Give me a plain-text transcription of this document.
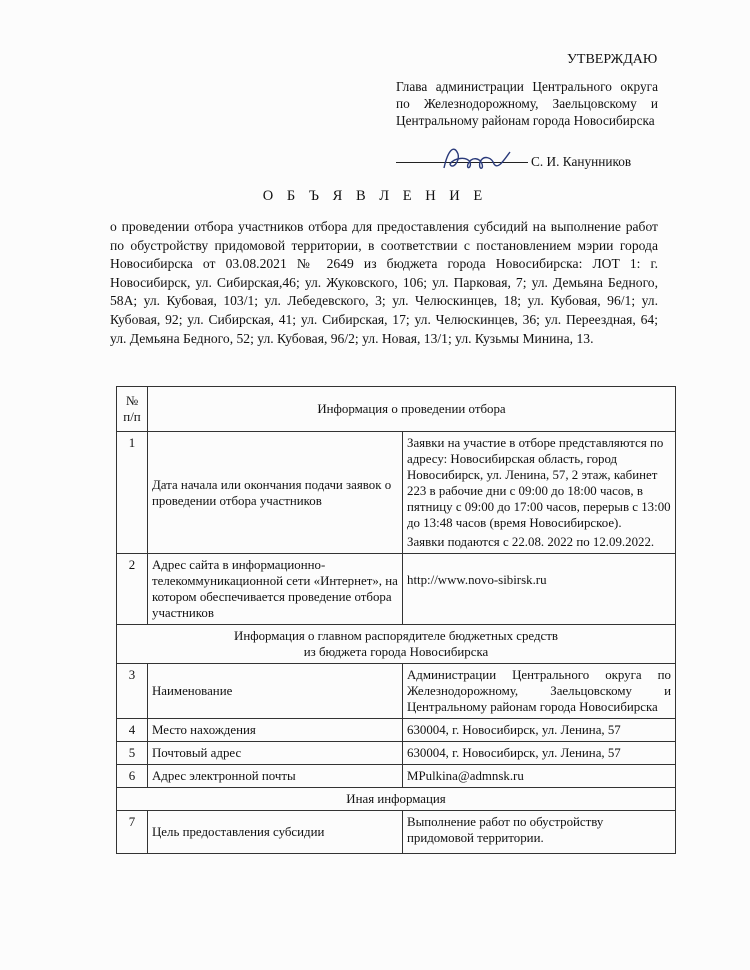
УТВЕРЖДАЮ
Глава администрации Центрального округа по Железнодорожному, Заельцовскому и Центральному районам города Новосибирска
С. И. Канунников
О Б Ъ Я В Л Е Н И Е
о проведении отбора участников отбора для предоставления субсидий на выполнение работ по обустройству придомовой территории, в соответствии с постановлением мэрии города Новосибирска от 03.08.2021 № 2649 из бюджета города Новосибирска: ЛОТ 1: г. Новосибирск, ул. Сибирская,46; ул. Жуковского, 106; ул. Парковая, 7; ул. Демьяна Бедного, 58А; ул. Кубовая, 103/1; ул. Лебедевского, 3; ул. Челюскинцев, 18; ул. Кубовая, 96/1; ул. Кубовая, 92; ул. Сибирская, 41; ул. Сибирская, 17; ул. Челюскинцев, 36; ул. Переездная, 64; ул. Демьяна Бедного, 52; ул. Кубовая, 96/2; ул. Новая, 13/1; ул. Кузьмы Минина, 13.
№ п/п	Информация о проведении отбора	
1	Дата начала или окончания подачи заявок о проведении отбора участников	Заявки на участие в отборе представляются по адресу: Новосибирская область, город Новосибирск, ул. Ленина, 57, 2 этаж, кабинет 223 в рабочие дни с 09:00 до 18:00 часов, в пятницу с 09:00 до 17:00 часов, перерыв с 13:00 до 13:48 часов (время Новосибирское).

Заявки подаются с 22.08. 2022 по 12.09.2022.

2	Адрес сайта в информационно-телекоммуникационной сети «Интернет», на котором обеспечивается проведение отбора участников	http://www.novo-sibirsk.ru
Информация о главном распорядителе бюджетных средств
из бюджета города Новосибирска		
3	Наименование	Администрации Центрального округа по Железнодорожному, Заельцовскому и Центральному районам города Новосибирска
4	Место нахождения	630004, г. Новосибирск, ул. Ленина, 57
5	Почтовый адрес	630004, г. Новосибирск, ул. Ленина, 57
6	Адрес электронной почты	MPulkina@admnsk.ru
Иная информация		
7	Цель предоставления субсидии	Выполнение работ по обустройству придомовой территории.
